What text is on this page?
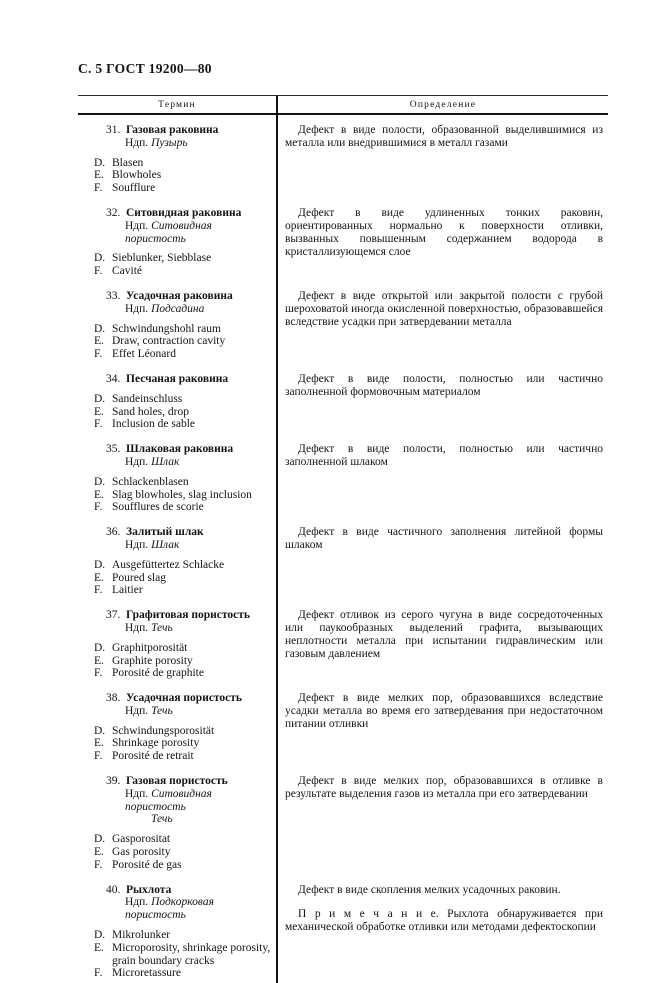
С. 5 ГОСТ 19200—80
Термин	Определение
31. Газовая раковина
Ндп. Пузырь
D. Blasen
E. Blowholes
F. Soufflure

Дефект в виде полости, образованной выделившимися из металла или внедрившимися в металл газами

32. Ситовидная раковина
Ндп. Ситовидная пористость
D. Sieblunker, Siebblase
F. Cavité

Дефект в виде удлиненных тонких раковин, ориентированных нормально к поверхности отливки, вызванных повышенным содержанием водорода в кристаллизующемся слое

33. Усадочная раковина
Ндп. Подсадина
D. Schwindungshohl raum
E. Draw, contraction cavity
F. Effet Léonard

Дефект в виде открытой или закрытой полости с грубой шероховатой иногда окисленной поверхностью, образовавшейся вследствие усадки при затвердевании металла

34. Песчаная раковина
D. Sandeinschluss
E. Sand holes, drop
F. Inclusion de sable

Дефект в виде полости, полностью или частично заполненной формовочным материалом

35. Шлаковая раковина
Ндп. Шлак
D. Schlackenblasen
E. Slag blowholes, slag inclusion
F. Soufflures de scorie

Дефект в виде полости, полностью или частично заполненной шлаком

36. Залитый шлак
Ндп. Шлак
D. Ausgefüttertez Schlacke
E. Poured slag
F. Laitier

Дефект в виде частичного заполнения литейной формы шлаком

37. Графитовая пористость
Ндп. Течь
D. Graphitporosität
E. Graphite porosity
F. Porosité de graphite

Дефект отливок из серого чугуна в виде сосредоточенных или паукообразных выделений графита, вызывающих неплотности металла при испытании гидравлическим или газовым давлением

38. Усадочная пористость
Ндп. Течь
D. Schwindungsporosität
E. Shrinkage porosity
F. Porosité de retrait

Дефект в виде мелких пор, образовавшихся вследствие усадки металла во время его затвердевания при недостаточном питании отливки

39. Газовая пористость
Ндп. Ситовидная пористость
Течь
D. Gasporositat
E. Gas porosity
F. Porosité de gas

Дефект в виде мелких пор, образовавшихся в отливке в результате выделения газов из металла при его затвердевании

40. Рыхлота
Ндп. Подкорковая пористость
D. Mikrolunker
E. Microporosity, shrinkage porosity, grain boundary cracks
F. Microretassure

Дефект в виде скопления мелких усадочных раковин.

П р и м е ч а н и е. Рыхлота обнаруживается при механической обработке отливки или методами дефектоскопии
